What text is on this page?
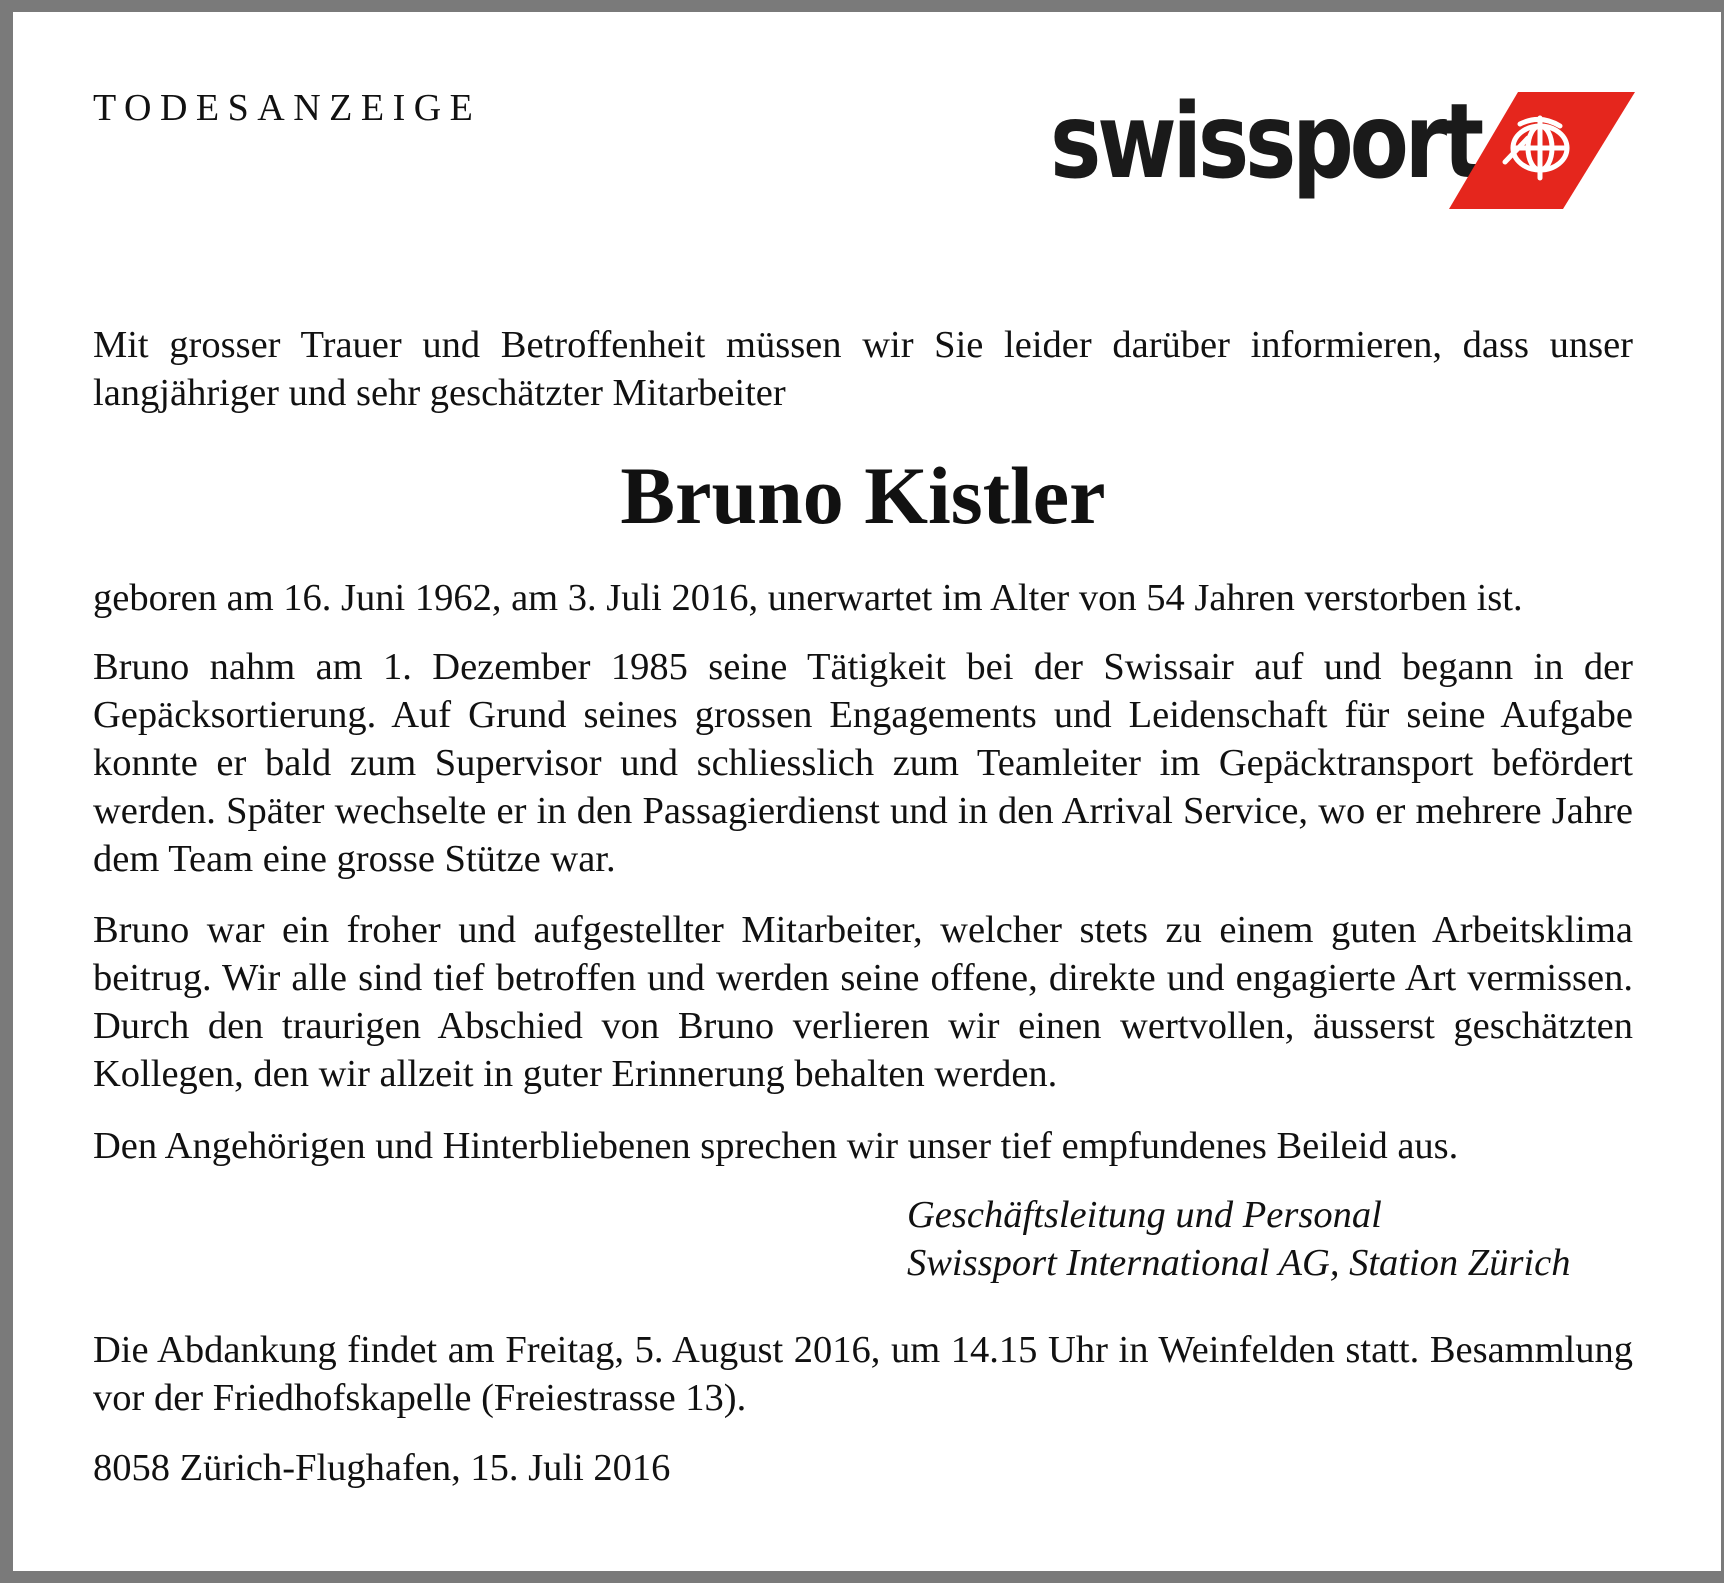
TODESANZEIGE	swissport
Mit grosser Trauer und Betroffenheit müssen wir Sie leider darüber informieren, dass unser langjähriger und sehr geschätzter Mitarbeiter
Bruno Kistler
geboren am 16. Juni 1962, am 3. Juli 2016, unerwartet im Alter von 54 Jahren verstorben ist.
Bruno nahm am 1. Dezember 1985 seine Tätigkeit bei der Swissair auf und begann in der Gepäcksortierung. Auf Grund seines grossen Engagements und Leidenschaft für seine Aufgabe konnte er bald zum Supervisor und schliesslich zum Teamleiter im Gepäcktransport befördert werden. Später wechselte er in den Passagierdienst und in den Arrival Service, wo er mehrere Jahre dem Team eine grosse Stütze war.
Bruno war ein froher und aufgestellter Mitarbeiter, welcher stets zu einem guten Arbeitsklima beitrug. Wir alle sind tief betroffen und werden seine offene, direkte und engagierte Art vermissen. Durch den traurigen Abschied von Bruno verlieren wir einen wertvollen, äusserst geschätzten Kollegen, den wir allzeit in guter Erinnerung behalten werden.
Den Angehörigen und Hinterbliebenen sprechen wir unser tief empfundenes Beileid aus.
Geschäftsleitung und Personal
Swissport International AG, Station Zürich
Die Abdankung findet am Freitag, 5. August 2016, um 14.15 Uhr in Weinfelden statt. Besammlung vor der Friedhofskapelle (Freiestrasse 13).
8058 Zürich-Flughafen, 15. Juli 2016
